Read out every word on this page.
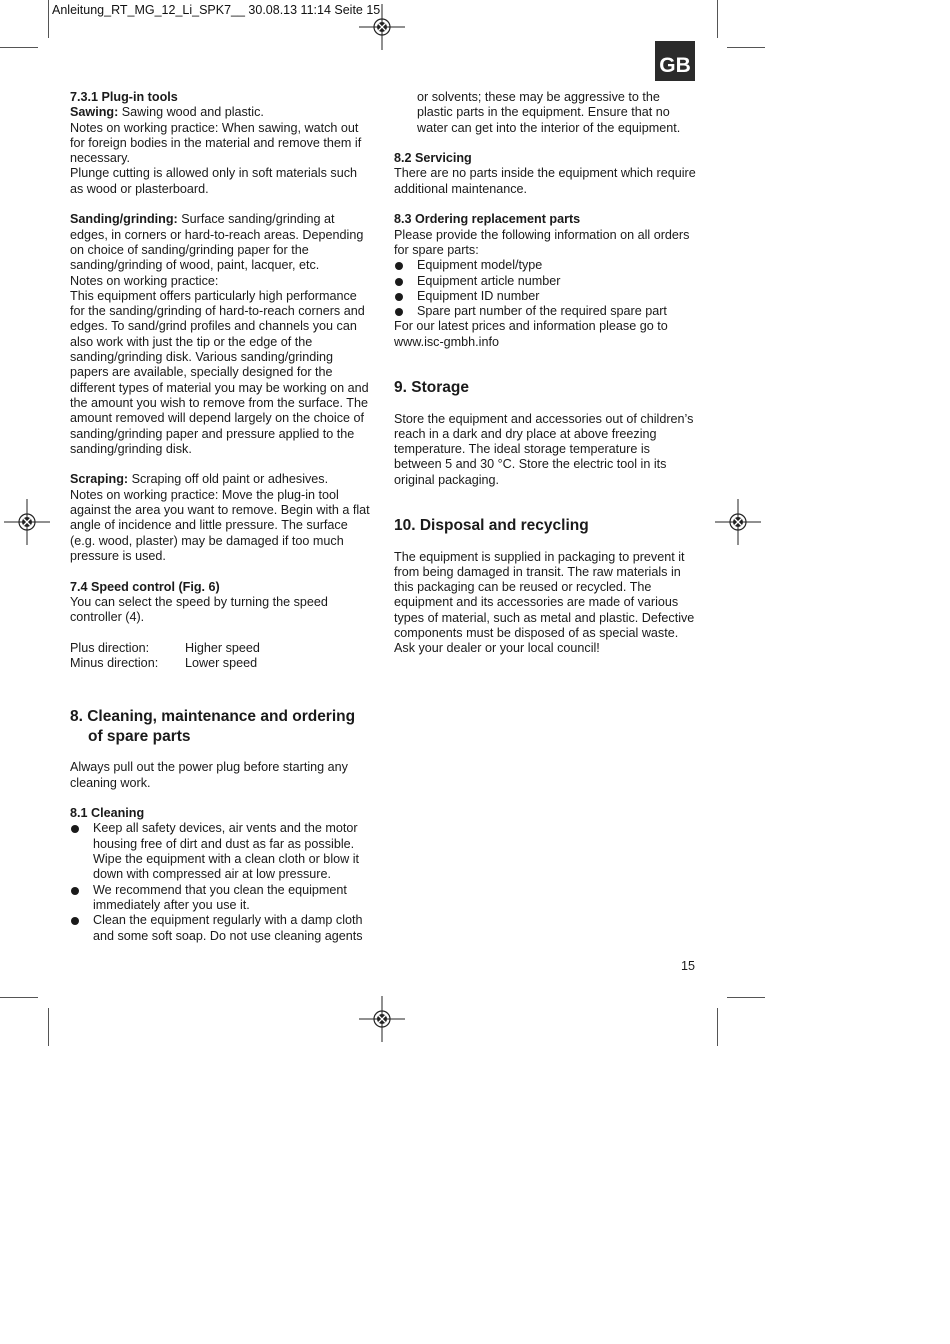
Anleitung_RT_MG_12_Li_SPK7__ 30.08.13 11:14 Seite 15
GB

7.3.1 Plug-in tools

Sawing: Sawing wood and plastic.

Notes on working practice: When sawing, watch out for foreign bodies in the material and remove them if necessary.

Plunge cutting is allowed only in soft materials such as wood or plasterboard.

Sanding/grinding: Surface sanding/grinding at edges, in corners or hard-to-reach areas. Depending on choice of sanding/grinding paper for the sanding/grinding of wood, paint, lacquer, etc.

Notes on working practice:

This equipment offers particularly high performance for the sanding/grinding of hard-to-reach corners and edges. To sand/grind profiles and channels you can also work with just the tip or the edge of the sanding/grinding disk. Various sanding/grinding papers are available, specially designed for the different types of material you may be working on and the amount you wish to remove from the surface. The amount removed will depend largely on the choice of sanding/grinding paper and pressure applied to the sanding/grinding disk.

Scraping: Scraping off old paint or adhesives.

Notes on working practice: Move the plug-in tool against the area you want to remove. Begin with a flat angle of incidence and little pressure. The surface (e.g. wood, plaster) may be damaged if too much pressure is used.

7.4 Speed control (Fig. 6)

You can select the speed by turning the speed controller (4).

Plus direction:	Higher speed
Minus direction:	Lower speed

8. Cleaning, maintenance and ordering of spare parts

Always pull out the power plug before starting any cleaning work.

8.1 Cleaning

Keep all safety devices, air vents and the motor housing free of dirt and dust as far as possible. Wipe the equipment with a clean cloth or blow it down with compressed air at low pressure.
We recommend that you clean the equipment immediately after you use it.
Clean the equipment regularly with a damp cloth and some soft soap. Do not use cleaning agents

or solvents; these may be aggressive to the plastic parts in the equipment. Ensure that no water can get into the interior of the equipment.

8.2 Servicing

There are no parts inside the equipment which require additional maintenance.

8.3 Ordering replacement parts

Please provide the following information on all orders for spare parts:

Equipment model/type
Equipment article number
Equipment ID number
Spare part number of the required spare part

For our latest prices and information please go to www.isc-gmbh.info

9. Storage

Store the equipment and accessories out of children’s reach in a dark and dry place at above freezing temperature. The ideal storage temperature is between 5 and 30 °C. Store the electric tool in its original packaging.

10. Disposal and recycling

The equipment is supplied in packaging to prevent it from being damaged in transit. The raw materials in this packaging can be reused or recycled. The equipment and its accessories are made of various types of material, such as metal and plastic. Defective components must be disposed of as special waste. Ask your dealer or your local council!

15
